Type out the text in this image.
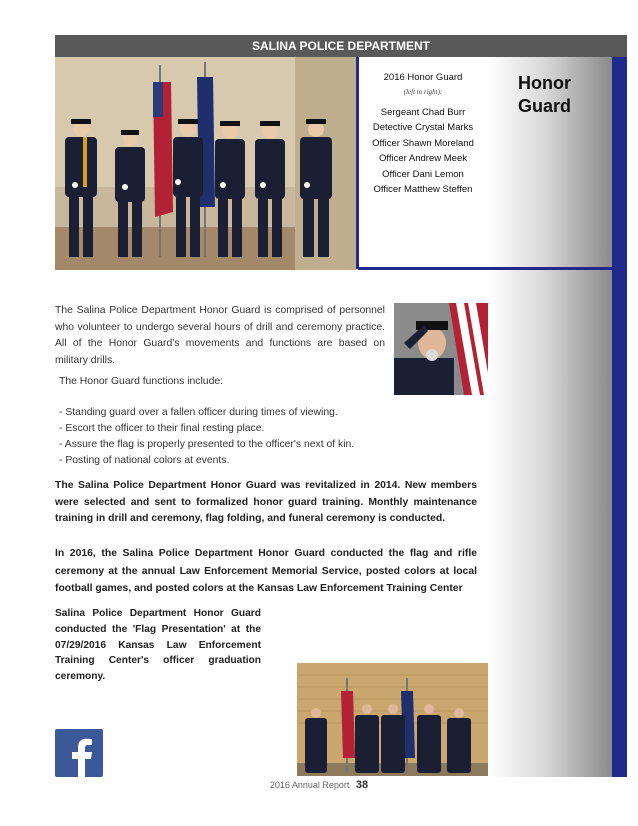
SALINA POLICE DEPARTMENT
Honor
Guard
2016 Honor Guard
(left to right):
Sergeant Chad Burr
Detective Crystal Marks
Officer Shawn Moreland
Officer Andrew Meek
Officer Dani Lemon
Officer Matthew Steffen
The Salina Police Department Honor Guard is comprised of personnel who volunteer to undergo several hours of drill and ceremony practice. All of the Honor Guard's movements and functions are based on military drills.
The Honor Guard functions include:
- Standing guard over a fallen officer during times of viewing.
- Escort the officer to their final resting place.
- Assure the flag is properly presented to the officer's next of kin.
- Posting of national colors at events.
The Salina Police Department Honor Guard was revitalized in 2014. New members were selected and sent to formalized honor guard training. Monthly maintenance training in drill and ceremony, flag folding, and funeral ceremony is conducted.
In 2016, the Salina Police Department Honor Guard conducted the flag and rifle ceremony at the annual Law Enforcement Memorial Service, posted colors at local football games, and posted colors at the Kansas Law Enforcement Training Center
Salina Police Department Honor Guard conducted the 'Flag Presentation' at the 07/29/2016 Kansas Law Enforcement Training Center's officer graduation ceremony.
2016 Annual Report 38
